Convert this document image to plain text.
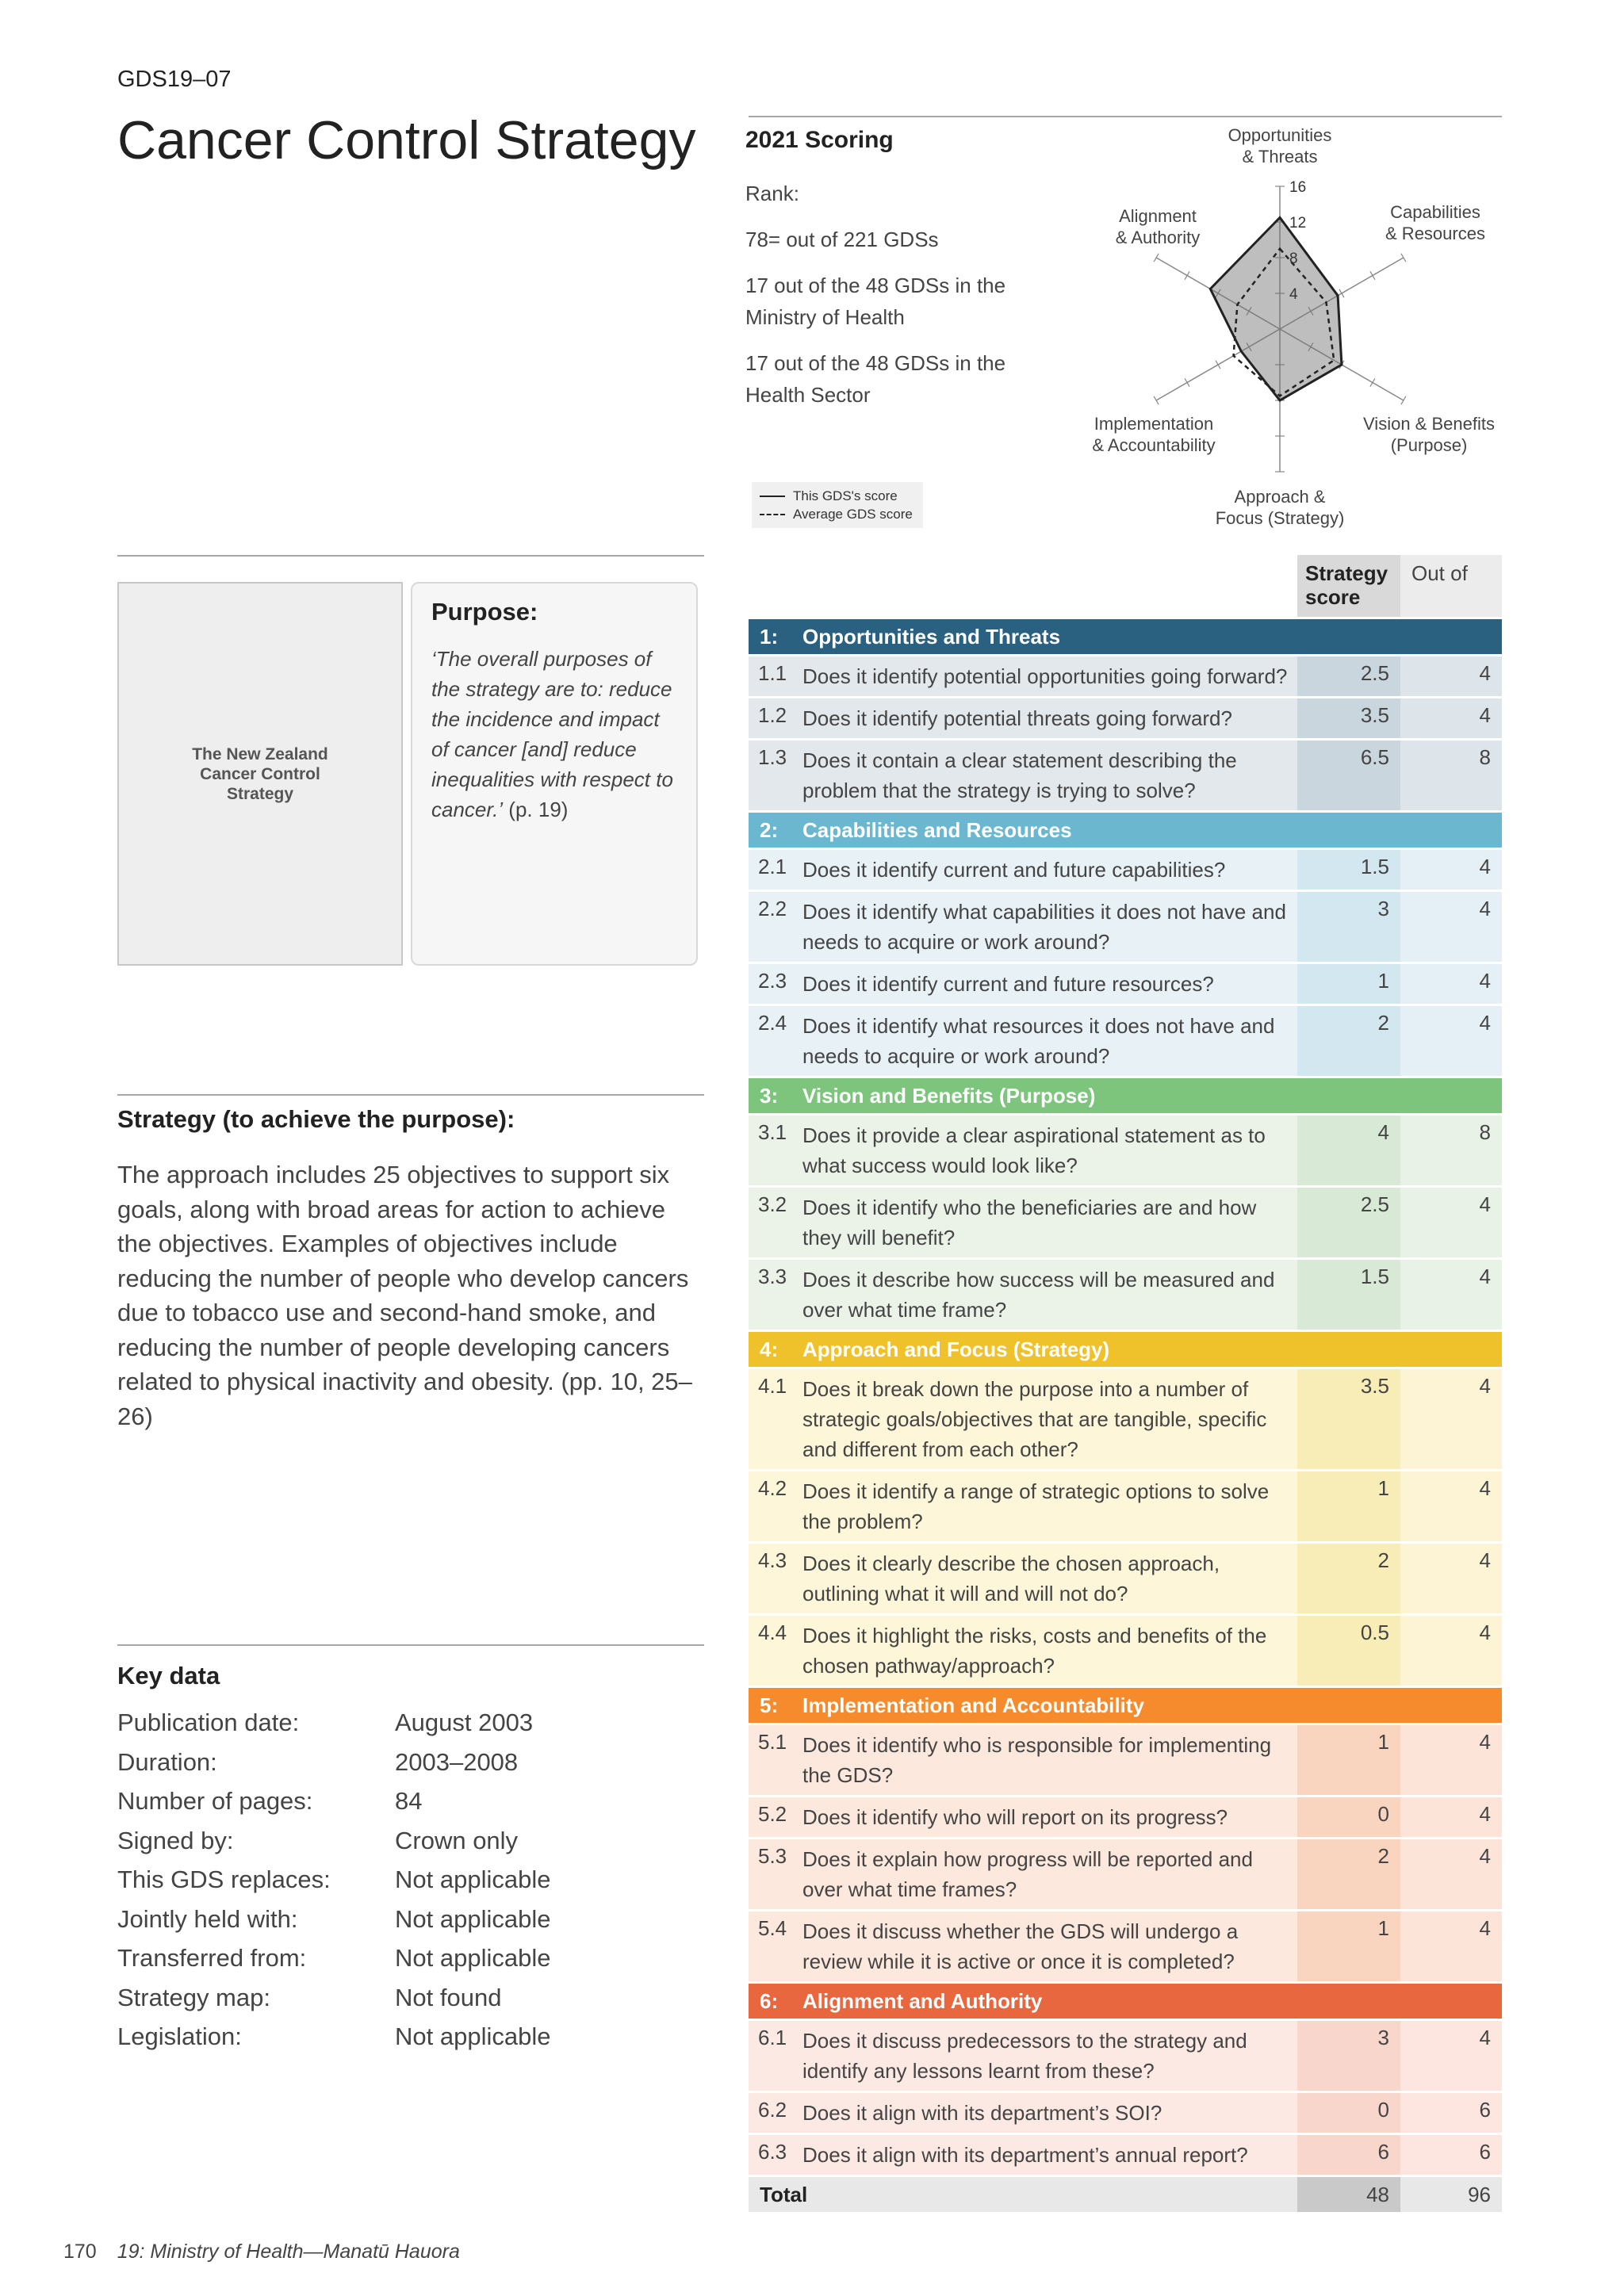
GDS19–07
Cancer Control Strategy	2021 Scoring

Rank:

78= out of 221 GDSs

17 out of the 48 GDSs in the Ministry of Health

17 out of the 48 GDSs in the Health Sector

4
8
12
16
Opportunities
& Threats
Capabilities
& Resources
Vision & Benefits
(Purpose)
Approach &
Focus (Strategy)
Implementation
& Accountability
Alignment
& Authority
This GDS's score
Average GDS score
The New Zealand Cancer Control Strategy
Purpose:

‘The overall purposes of the strategy are to: reduce the incidence and impact of cancer [and] reduce inequalities with respect to cancer.’ (p. 19)

Strategy (to achieve the purpose):

The approach includes 25 objectives to support six goals, along with broad areas for action to achieve the objectives. Examples of objectives include reducing the number of people who develop cancers due to tobacco use and second-hand smoke, and reducing the number of people developing cancers related to physical inactivity and obesity. (pp. 10, 25–26)

Key data
Publication date:	August 2003
Duration:	2003–2008
Number of pages:	84
Signed by:	Crown only
This GDS replaces:	Not applicable
Jointly held with:	Not applicable
Transferred from:	Not applicable
Strategy map:	Not found
Legislation:	Not applicable
Strategy score
Out of
1:	Opportunities and Threats
1.1 Does it identify potential opportunities going forward?	2.5	4
1.2 Does it identify potential threats going forward?	3.5	4
1.3 Does it contain a clear statement describing the problem that the strategy is trying to solve?
6.5	8
2:	Capabilities and Resources
2.1 Does it identify current and future capabilities?	1.5	4
2.2 Does it identify what capabilities it does not have and needs to acquire or work around?
3	4
2.3 Does it identify current and future resources?	1	4
2.4 Does it identify what resources it does not have and needs to acquire or work around?
2	4
3:	Vision and Benefits (Purpose)
3.1 Does it provide a clear aspirational statement as to what success would look like?
4	8
3.2 Does it identify who the beneficiaries are and how they will benefit?
2.5	4
3.3 Does it describe how success will be measured and over what time frame?
1.5	4
4:	Approach and Focus (Strategy)
4.1 Does it break down the purpose into a number of strategic goals/objectives that are tangible, specific and different from each other?
3.5	4
4.2 Does it identify a range of strategic options to solve the problem?
1	4
4.3 Does it clearly describe the chosen approach, outlining what it will and will not do?
2	4
4.4 Does it highlight the risks, costs and benefits of the chosen pathway/approach?
0.5	4
5:	Implementation and Accountability
5.1 Does it identify who is responsible for implementing the GDS?
1	4
5.2 Does it identify who will report on its progress?	0	4
5.3 Does it explain how progress will be reported and over what time frames?
2	4
5.4 Does it discuss whether the GDS will undergo a review while it is active or once it is completed?
1	4
6:	Alignment and Authority
6.1 Does it discuss predecessors to the strategy and identify any lessons learnt from these?
3	4
6.2 Does it align with its department’s SOI?	0	6
6.3 Does it align with its department’s annual report?	6	6
Total	48	96
170 19: Ministry of Health—Manatū Hauora
